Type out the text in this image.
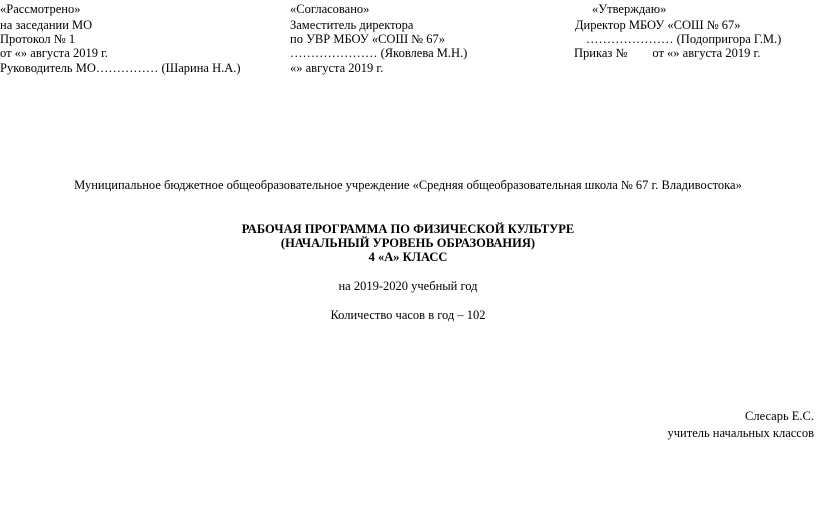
«Рассмотрено»
на заседании МО
Протокол № 1
от «» августа 2019 г.
Руководитель МО…………… (Шарина Н.А.)
«Согласовано»
Заместитель директора
по УВР МБОУ «СОШ № 67»
………………… (Яковлева М.Н.)
«» августа 2019 г.
«Утверждаю»
Директор МБОУ «СОШ № 67»
………………… (Подопригора Г.М.)
Приказ №        от «» августа 2019 г.
Муниципальное бюджетное общеобразовательное учреждение «Средняя общеобразовательная школа № 67 г. Владивостока»
РАБОЧАЯ ПРОГРАММА ПО ФИЗИЧЕСКОЙ КУЛЬТУРЕ
(НАЧАЛЬНЫЙ УРОВЕНЬ ОБРАЗОВАНИЯ)
4 «А» КЛАСС
на 2019-2020 учебный год
Количество часов в год – 102
Слесарь Е.С.
учитель начальных классов
